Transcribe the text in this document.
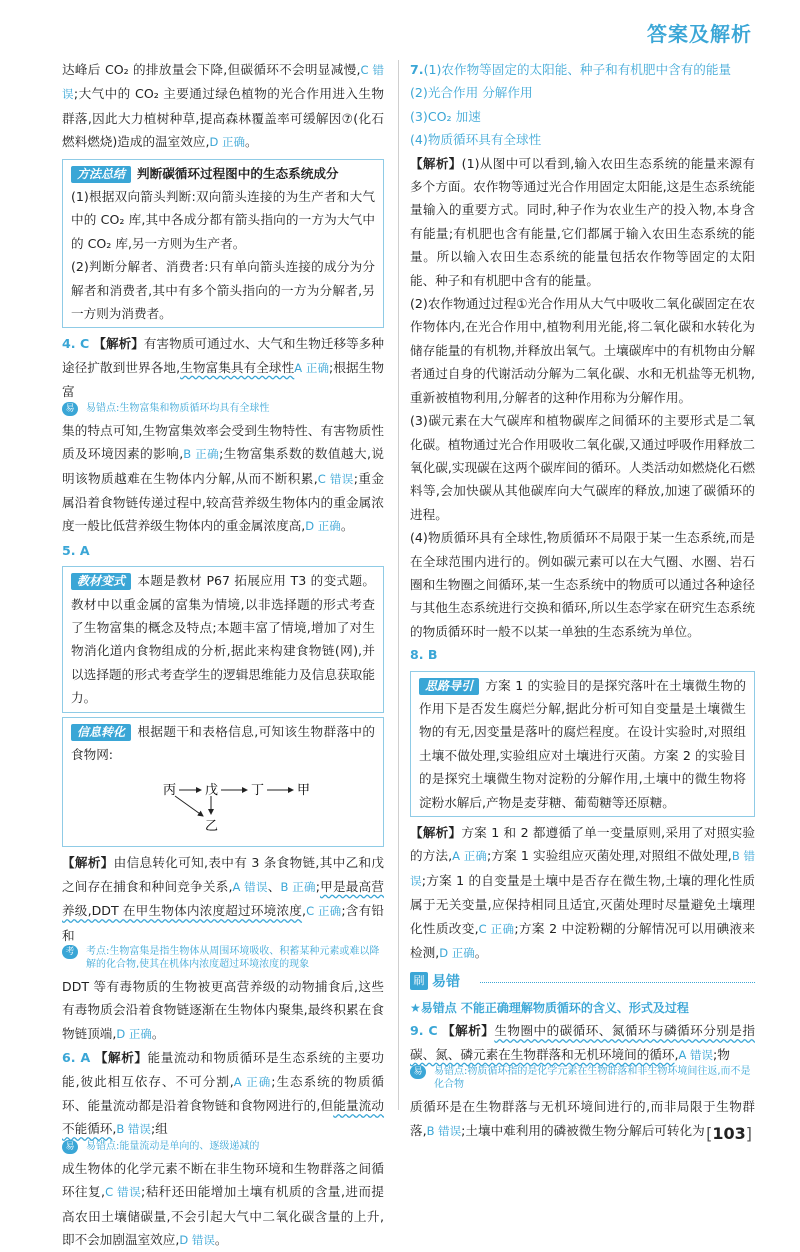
答案及解析

达峰后 CO₂ 的排放量会下降,但碳循环不会明显减慢,C 错误;大气中的 CO₂ 主要通过绿色植物的光合作用进入生物群落,因此大力植树种草,提高森林覆盖率可缓解因⑦(化石燃料燃烧)造成的温室效应,D 正确。

方法总结 判断碳循环过程图中的生态系统成分

(1)根据双向箭头判断:双向箭头连接的为生产者和大气中的 CO₂ 库,其中各成分都有箭头指向的一方为大气中的 CO₂ 库,另一方则为生产者。

(2)判断分解者、消费者:只有单向箭头连接的成分为分解者和消费者,其中有多个箭头指向的一方为分解者,另一方则为消费者。

4. C 【解析】有害物质可通过水、大气和生物迁移等多种途径扩散到世界各地,生物富集具有全球性A 正确;根据生物富

易	易错点:生物富集和物质循环均具有全球性

集的特点可知,生物富集效率会受到生物特性、有害物质性质及环境因素的影响,B 正确;生物富集系数的数值越大,说明该物质越难在生物体内分解,从而不断积累,C 错误;重金属沿着食物链传递过程中,较高营养级生物体内的重金属浓度一般比低营养级生物体内的重金属浓度高,D 正确。

5. A

教材变式 本题是教材 P67 拓展应用 T3 的变式题。教材中以重金属的富集为情境,以非选择题的形式考查了生物富集的概念及特点;本题丰富了情境,增加了对生物消化道内食物组成的分析,据此来构建食物链(网),并以选择题的形式考查学生的逻辑思维能力及信息获取能力。

信息转化 根据题干和表格信息,可知该生物群落中的食物网:

丙 戊	丁	甲
乙

【解析】由信息转化可知,表中有 3 条食物链,其中乙和戊之间存在捕食和种间竞争关系,A 错误、B 正确;甲是最高营养级,DDT 在甲生物体内浓度超过环境浓度,C 正确;含有铅和

考	考点:生物富集是指生物体从周围环境吸收、积蓄某种元素或难以降解的化合物,使其在机体内浓度超过环境浓度的现象

DDT 等有毒物质的生物被更高营养级的动物捕食后,这些有毒物质会沿着食物链逐渐在生物体内聚集,最终积累在食物链顶端,D 正确。

6. A 【解析】能量流动和物质循环是生态系统的主要功能,彼此相互依存、不可分割,A 正确;生态系统的物质循环、能量流动都是沿着食物链和食物网进行的,但能量流动不能循环,B 错误;组

易	易错点:能量流动是单向的、逐级递减的

成生物体的化学元素不断在非生物环境和生物群落之间循环往复,C 错误;秸秆还田能增加土壤有机质的含量,进而提高农田土壤储碳量,不会引起大气中二氧化碳含量的上升,即不会加剧温室效应,D 错误。

7.(1)农作物等固定的太阳能、种子和有机肥中含有的能量

(2)光合作用 分解作用

(3)CO₂ 加速

(4)物质循环具有全球性

【解析】(1)从图中可以看到,输入农田生态系统的能量来源有多个方面。农作物等通过光合作用固定太阳能,这是生态系统能量输入的重要方式。同时,种子作为农业生产的投入物,本身含有能量;有机肥也含有能量,它们都属于输入农田生态系统的能量。所以输入农田生态系统的能量包括农作物等固定的太阳能、种子和有机肥中含有的能量。

(2)农作物通过过程①光合作用从大气中吸收二氧化碳固定在农作物体内,在光合作用中,植物利用光能,将二氧化碳和水转化为储存能量的有机物,并释放出氧气。土壤碳库中的有机物由分解者通过自身的代谢活动分解为二氧化碳、水和无机盐等无机物,重新被植物利用,分解者的这种作用称为分解作用。

(3)碳元素在大气碳库和植物碳库之间循环的主要形式是二氧化碳。植物通过光合作用吸收二氧化碳,又通过呼吸作用释放二氧化碳,实现碳在这两个碳库间的循环。人类活动如燃烧化石燃料等,会加快碳从其他碳库向大气碳库的释放,加速了碳循环的进程。

(4)物质循环具有全球性,物质循环不局限于某一生态系统,而是在全球范围内进行的。例如碳元素可以在大气圈、水圈、岩石圈和生物圈之间循环,某一生态系统中的物质可以通过各种途径与其他生态系统进行交换和循环,所以生态学家在研究生态系统的物质循环时一般不以某一单独的生态系统为单位。

8. B

思路导引 方案 1 的实验目的是探究落叶在土壤微生物的作用下是否发生腐烂分解,据此分析可知自变量是土壤微生物的有无,因变量是落叶的腐烂程度。在设计实验时,对照组土壤不做处理,实验组应对土壤进行灭菌。方案 2 的实验目的是探究土壤微生物对淀粉的分解作用,土壤中的微生物将淀粉水解后,产物是麦芽糖、葡萄糖等还原糖。

【解析】方案 1 和 2 都遵循了单一变量原则,采用了对照实验的方法,A 正确;方案 1 实验组应灭菌处理,对照组不做处理,B 错误;方案 1 的自变量是土壤中是否存在微生物,土壤的理化性质属于无关变量,应保持相同且适宜,灭菌处理时尽量避免土壤理化性质改变,C 正确;方案 2 中淀粉糊的分解情况可以用碘液来检测,D 正确。

刷 易错

★易错点 不能正确理解物质循环的含义、形式及过程

9. C 【解析】生物圈中的碳循环、氮循环与磷循环分别是指碳、氮、磷元素在生物群落和无机环境间的循环,A 错误;物

易	易错点:物质循环指的是化学元素在生物群落和非生物环境间往返,而不是化合物

质循环是在生物群落与无机环境间进行的,而非局限于生物群落,B 错误;土壤中难利用的磷被微生物分解后可转化为 [103]
